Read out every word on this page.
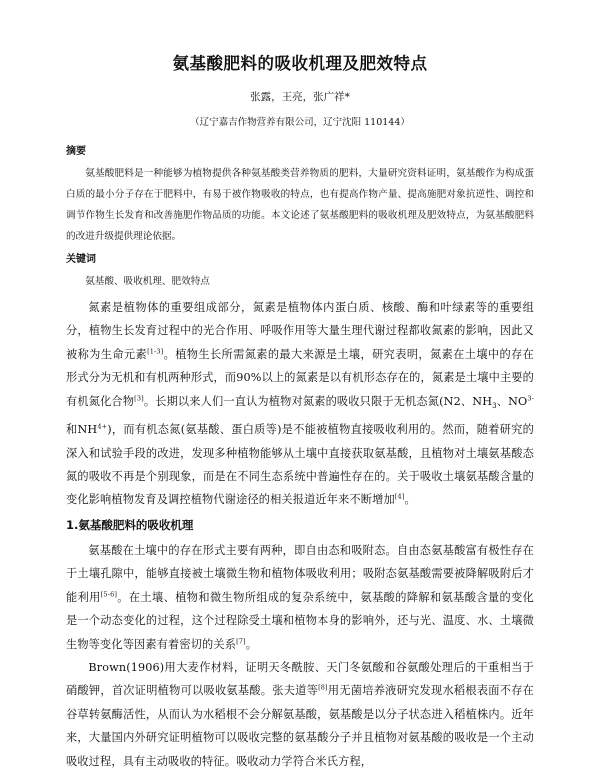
氨基酸肥料的吸收机理及肥效特点
张露，王亮，张广祥*
（辽宁嘉吉作物营养有限公司，辽宁沈阳 110144）
摘要

氨基酸肥料是一种能够为植物提供各种氨基酸类营养物质的肥料，大量研究资料证明，氨基酸作为构成蛋白质的最小分子存在于肥料中，有易于被作物吸收的特点，也有提高作物产量、提高施肥对象抗逆性、调控和调节作物生长发育和改善施肥作物品质的功能。本文论述了氨基酸肥料的吸收机理及肥效特点，为氨基酸肥料的改进升级提供理论依据。

关键词

氨基酸、吸收机理、肥效特点

氮素是植物体的重要组成部分，氮素是植物体内蛋白质、核酸、酶和叶绿素等的重要组分，植物生长发育过程中的光合作用、呼吸作用等大量生理代谢过程都收氮素的影响，因此又被称为生命元素[1-3]。植物生长所需氮素的最大来源是土壤，研究表明，氮素在土壤中的存在形式分为无机和有机两种形式，而90%以上的氮素是以有机形态存在的，氮素是土壤中主要的有机氮化合物[3]。长期以来人们一直认为植物对氮素的吸收只限于无机态氮(N2、$NH_3$、$NO^{3-}$和$NH^{4+}$)，而有机态氮(氨基酸、蛋白质等)是不能被植物直接吸收利用的。然而，随着研究的深入和试验手段的改进，发现多种植物能够从土壤中直接获取氨基酸，且植物对土壤氨基酸态氮的吸收不再是个别现象，而是在不同生态系统中普遍性存在的。关于吸收土壤氨基酸含量的变化影响植物发育及调控植物代谢途径的相关报道近年来不断增加[4]。

1.氨基酸肥料的吸收机理

氨基酸在土壤中的存在形式主要有两种，即自由态和吸附态。自由态氨基酸富有极性存在于土壤孔隙中，能够直接被土壤微生物和植物体吸收利用；吸附态氨基酸需要被降解吸附后才能利用[5-6]。在土壤、植物和微生物所组成的复杂系统中，氨基酸的降解和氨基酸含量的变化是一个动态变化的过程，这个过程除受土壤和植物本身的影响外，还与光、温度、水、土壤微生物等变化等因素有着密切的关系[7]。

Brown(1906)用大麦作材料，证明天冬酰胺、天门冬氨酸和谷氨酸处理后的干重相当于硝酸钾，首次证明植物可以吸收氨基酸。张夫道等[8]用无菌培养液研究发现水稻根表面不存在谷草转氨酶活性，从而认为水稻根不会分解氨基酸，氨基酸是以分子状态进入稻植株内。近年来，大量国内外研究证明植物可以吸收完整的氨基酸分子并且植物对氨基酸的吸收是一个主动吸收过程，具有主动吸收的特征。吸收动力学符合米氏方程，
